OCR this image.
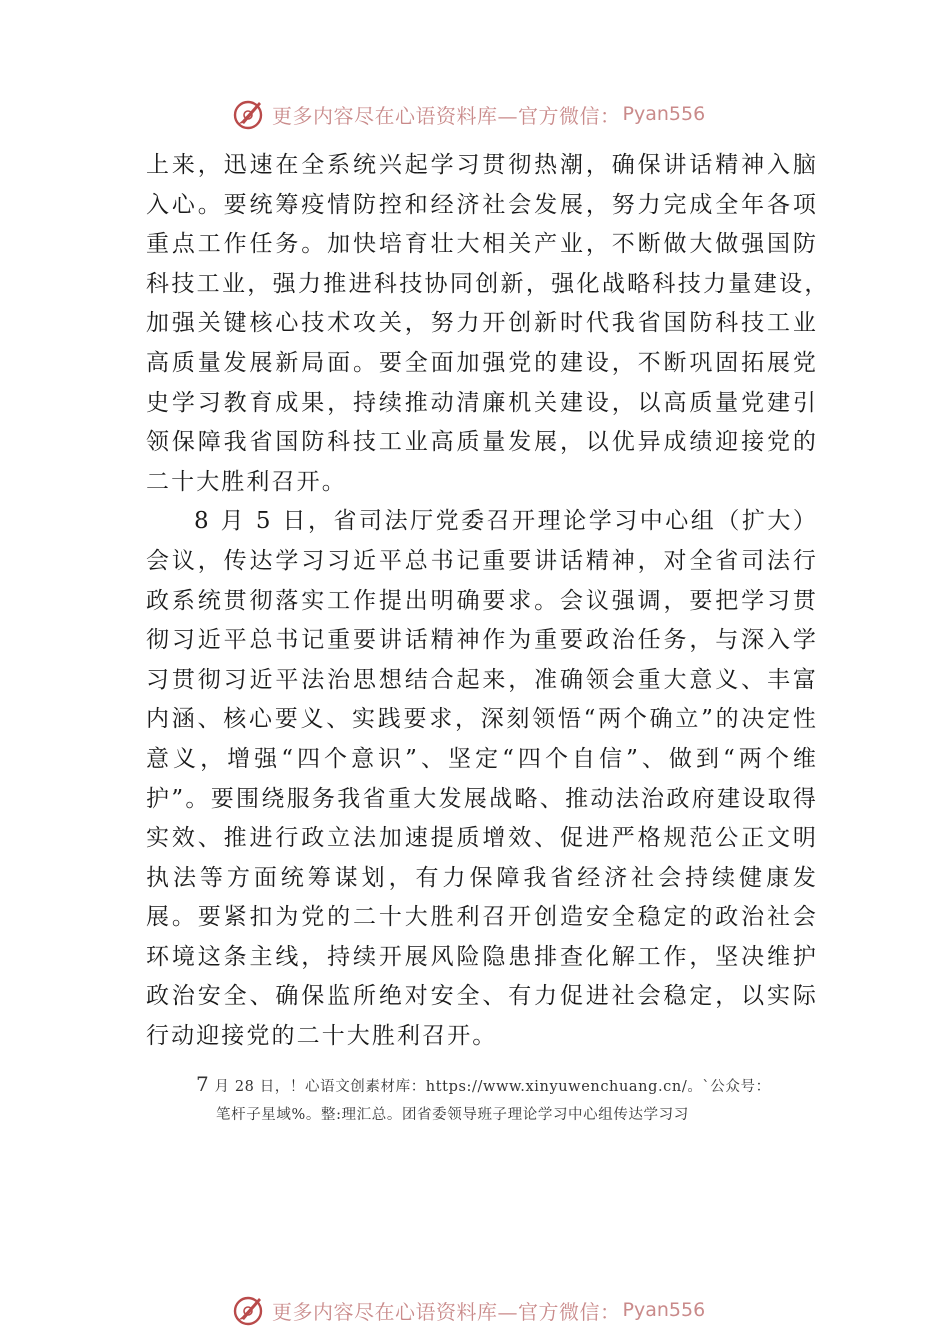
更多内容尽在心语资料库—官方微信： Pyan556

上来，迅速在全系统兴起学习贯彻热潮，确保讲话精神入脑入心。要统筹疫情防控和经济社会发展，努力完成全年各项重点工作任务。加快培育壮大相关产业，不断做大做强国防科技工业，强力推进科技协同创新，强化战略科技力量建设，　加强关键核心技术攻关，努力开创新时代我省国防科技工业高质量发展新局面。要全面加强党的建设，不断巩固拓展党史学习教育成果，持续推动清廉机关建设，以高质量党建引领保障我省国防科技工业高质量发展，以优异成绩迎接党的二十大胜利召开。

8 月 5 日，省司法厅党委召开理论学习中心组（扩大）会议，传达学习习近平总书记重要讲话精神，对全省司法行政系统贯彻落实工作提出明确要求。会议强调，要把学习贯彻习近平总书记重要讲话精神作为重要政治任务，与深入学习贯彻习近平法治思想结合起来，准确领会重大意义、丰富内涵、核心要义、实践要求，深刻领悟“两个确立”的决定性意义，增强“四个意识”、坚定“四个自信”、做到“两个维护”。要围绕服务我省重大发展战略、推动法治政府建设取得实效、推进行政立法加速提质增效、促进严格规范公正文明执法等方面统筹谋划，有力保障我省经济社会持续健康发展。要紧扣为党的二十大胜利召开创造安全稳定的政治社会环境这条主线，持续开展风险隐患排查化解工作，坚决维护政治安全、确保监所绝对安全、有力促进社会稳定，以实际行动迎接党的二十大胜利召开。

7 月 28 日，！心语文创素材库：https://www.xinyuwenchuang.cn/。`公众号：
笔杆子星域%。整:理汇总。团省委领导班子理论学习中心组传达学习习
更多内容尽在心语资料库—官方微信： Pyan556
